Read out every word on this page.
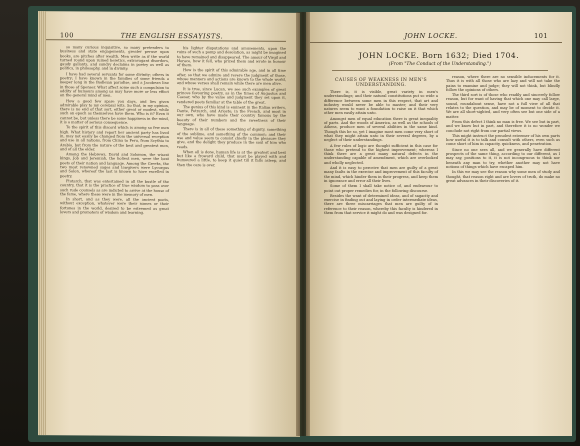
100	THE ENGLISH ESSAYISTS.

so many curious inquisitive, so many pretenders to business and state engagements, greater peruse upon books, are pitches after wealth. Men write as if the world turned round upon ruined heretics, extravagant disorders, gaudy gallants, and sundry declaims in poetry as well as politics, in philosophy, and in divinity.

I have had several servants for some divinity; others in poetry; I have known in the families of some friends a keeper long in the Bodleian paradise, and a Jacobean line in those of Spenser. What affect some such a compulsion to oddity of humours among us may have more or less effect on the general mind of men.

How a good few spare you days, and lies given admirable play to my cerebral wits. So that, in my opinion, there is no end of that sort, either great or modest, while such an epoch as themselves have them. Who is it? Even it cannot be, but unless there be some happiness in the mind, it is a matter of serious consequence.

To the spirit of this discord which is among so few men high. What history and report her ancient party has lived in, may not easily be changed from the universal reception and use in all nations, from China to Peru, from Scythia to Arabia, but from the nature of the best and greatest men, and of all the elder.

Among the Hebrews, David and Solomon, the wisest kings, Job and Jeremiah, the holiest men, were the best poets of their nation and language. Among the Greeks, the two most renowned sages and lawgivers were Lycurgus and Solon, whereof the last is known to have excelled in poetry.

Plutarch, that was entertained in all the bustle of the country, that it is the practice of true wisdom to pass over such rude counsels as are indicted to arrive at the house of the fame, where these were in the memory of men.

In short, and as they were, all the ancient poets, without exception, whatever were their names or their fortunes in the world, desired to be esteemed as great lovers and promoters of wisdom and learning.

his lighter disputations and amusements, upon the ruins of such a pomp and desolation, as might be imagined to have remained and disappeared. The amour of Virgil and Horace, how it fell, who prized them and wrote in honour of them.

How is the spirit of this admirable age, and in all time after, so that we admire and revere the judgment of those, whose manners and actions are known to the whole world, and whose verses shall remain while there are men alive.

It is true, since Lucan, we see such examples of great princes favouring poetry, as in the times of Augustus and Caesar, who by the value and judgment they set upon it, rendered poets familiar at the table of the great.

The genius of this kind is eminent in the Italian writers, Dante, Petrarch, and Ariosto; in the French, and most in our own, who have made their country famous by the beauty of their numbers and the sweetness of their language.

There is in all of these something of dignity, something of the sublime, and something of the common; and their use and value seem to consist chiefly in the pleasure they give, and the delight they produce in the soul of him who reads.

When all is done, human life is at the greatest and best but like a froward child, that must be played with and humoured a little, to keep it quiet till it falls asleep, and then the care is over.

JOHN LOCKE.	101
JOHN LOCKE. Born 1632; Died 1704.
(From "The Conduct of the Understanding.")
CAUSES OF WEAKNESS IN MEN'S UNDERSTANDING.

There is, it is visible, great variety in men's understandings; and their natural constitutions put so wide a difference between some men in this respect, that art and industry would never be able to master; and their very natures seem to want a foundation to raise on it that which other men easily attain unto.

Amongst men of equal education there is great inequality of parts. And the woods of America, as well as the schools of Athens, produce men of several abilities in the same kind. Though this be so, yet I imagine most men come very short of what they might attain unto in their several degrees, by a neglect of their understandings.

A few rules of logic are thought sufficient in this case for those who pretend to the highest improvement; whereas I think there are a great many natural defects in the understanding capable of amendment, which are overlooked and wholly neglected.

And it is easy to perceive that men are guilty of a great many faults in the exercise and improvement of this faculty of the mind, which hinder them in their progress, and keep them in ignorance and error all their lives.

Some of them I shall take notice of, and endeavour to point out proper remedies for, in the following discourse.

Besides the want of determined ideas, and of sagacity and exercise in finding out and laying in order intermediate ideas, there are three miscarriages that men are guilty of in reference to their reason, whereby this faculty is hindered in them from that service it might do and was designed for.

reason, where there are no sensible inducements for it. Thus it is with all those who are lazy and will not take the pains to examine and judge; they will not think, but blindly follow the opinions of others.

The third sort is of those who readily and sincerely follow reason, but for want of having that which one may call large, sound, roundabout sense, have not a full view of all that relates to the question, and may be of moment to decide it. We are all short-sighted, and very often see but one side of a matter.

From this defect I think no man is free. We see but in part, and we know but in part, and therefore it is no wonder we conclude not right from our partial views.

This might instruct the proudest esteemer of his own parts how useful it is to talk and consult with others, even such as come short of him in capacity, quickness, and penetration.

Since no one sees all, and we generally have different prospects of the same thing, according to our different, as I may say, positions to it, it is not incongruous to think nor beneath any man to try, whether another may not have notions of things which have escaped him.

In this we may see the reason why some men of study and thought, that reason right and are lovers of truth, do make no great advances in their discoveries of it.
